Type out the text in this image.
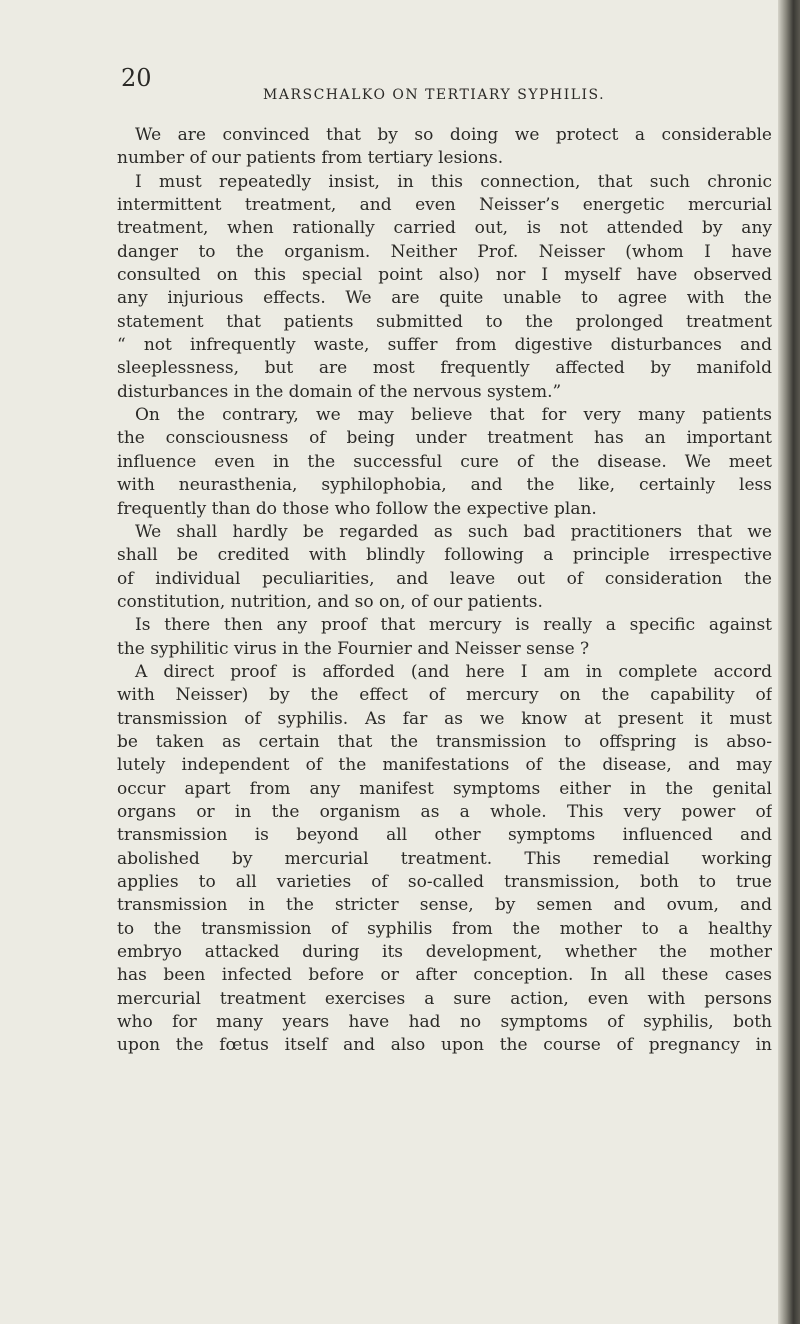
20
MARSCHALKO ON TERTIARY SYPHILIS.
We are convinced that by so doing we protect a considerable
number of our patients from tertiary lesions.
I must repeatedly insist, in this connection, that such chronic
intermittent treatment, and even Neisser’s energetic mercurial
treatment, when rationally carried out, is not attended by any
danger to the organism. Neither Prof. Neisser (whom I have
consulted on this special point also) nor I myself have observed
any injurious effects. We are quite unable to agree with the
statement that patients submitted to the prolonged treatment
“ not infrequently waste, suffer from digestive disturbances and
sleeplessness, but are most frequently affected by manifold
disturbances in the domain of the nervous system.”
On the contrary, we may believe that for very many patients
the consciousness of being under treatment has an important
influence even in the successful cure of the disease. We meet
with neurasthenia, syphilophobia, and the like, certainly less
frequently than do those who follow the expective plan.
We shall hardly be regarded as such bad practitioners that we
shall be credited with blindly following a principle irrespective
of individual peculiarities, and leave out of consideration the
constitution, nutrition, and so on, of our patients.
Is there then any proof that mercury is really a specific against
the syphilitic virus in the Fournier and Neisser sense ?
A direct proof is afforded (and here I am in complete accord
with Neisser) by the effect of mercury on the capability of
transmission of syphilis. As far as we know at present it must
be taken as certain that the transmission to offspring is abso-
lutely independent of the manifestations of the disease, and may
occur apart from any manifest symptoms either in the genital
organs or in the organism as a whole. This very power of
transmission is beyond all other symptoms influenced and
abolished by mercurial treatment. This remedial working
applies to all varieties of so-called transmission, both to true
transmission in the stricter sense, by semen and ovum, and
to the transmission of syphilis from the mother to a healthy
embryo attacked during its development, whether the mother
has been infected before or after conception. In all these cases
mercurial treatment exercises a sure action, even with persons
who for many years have had no symptoms of syphilis, both
upon the fœtus itself and also upon the course of pregnancy in
